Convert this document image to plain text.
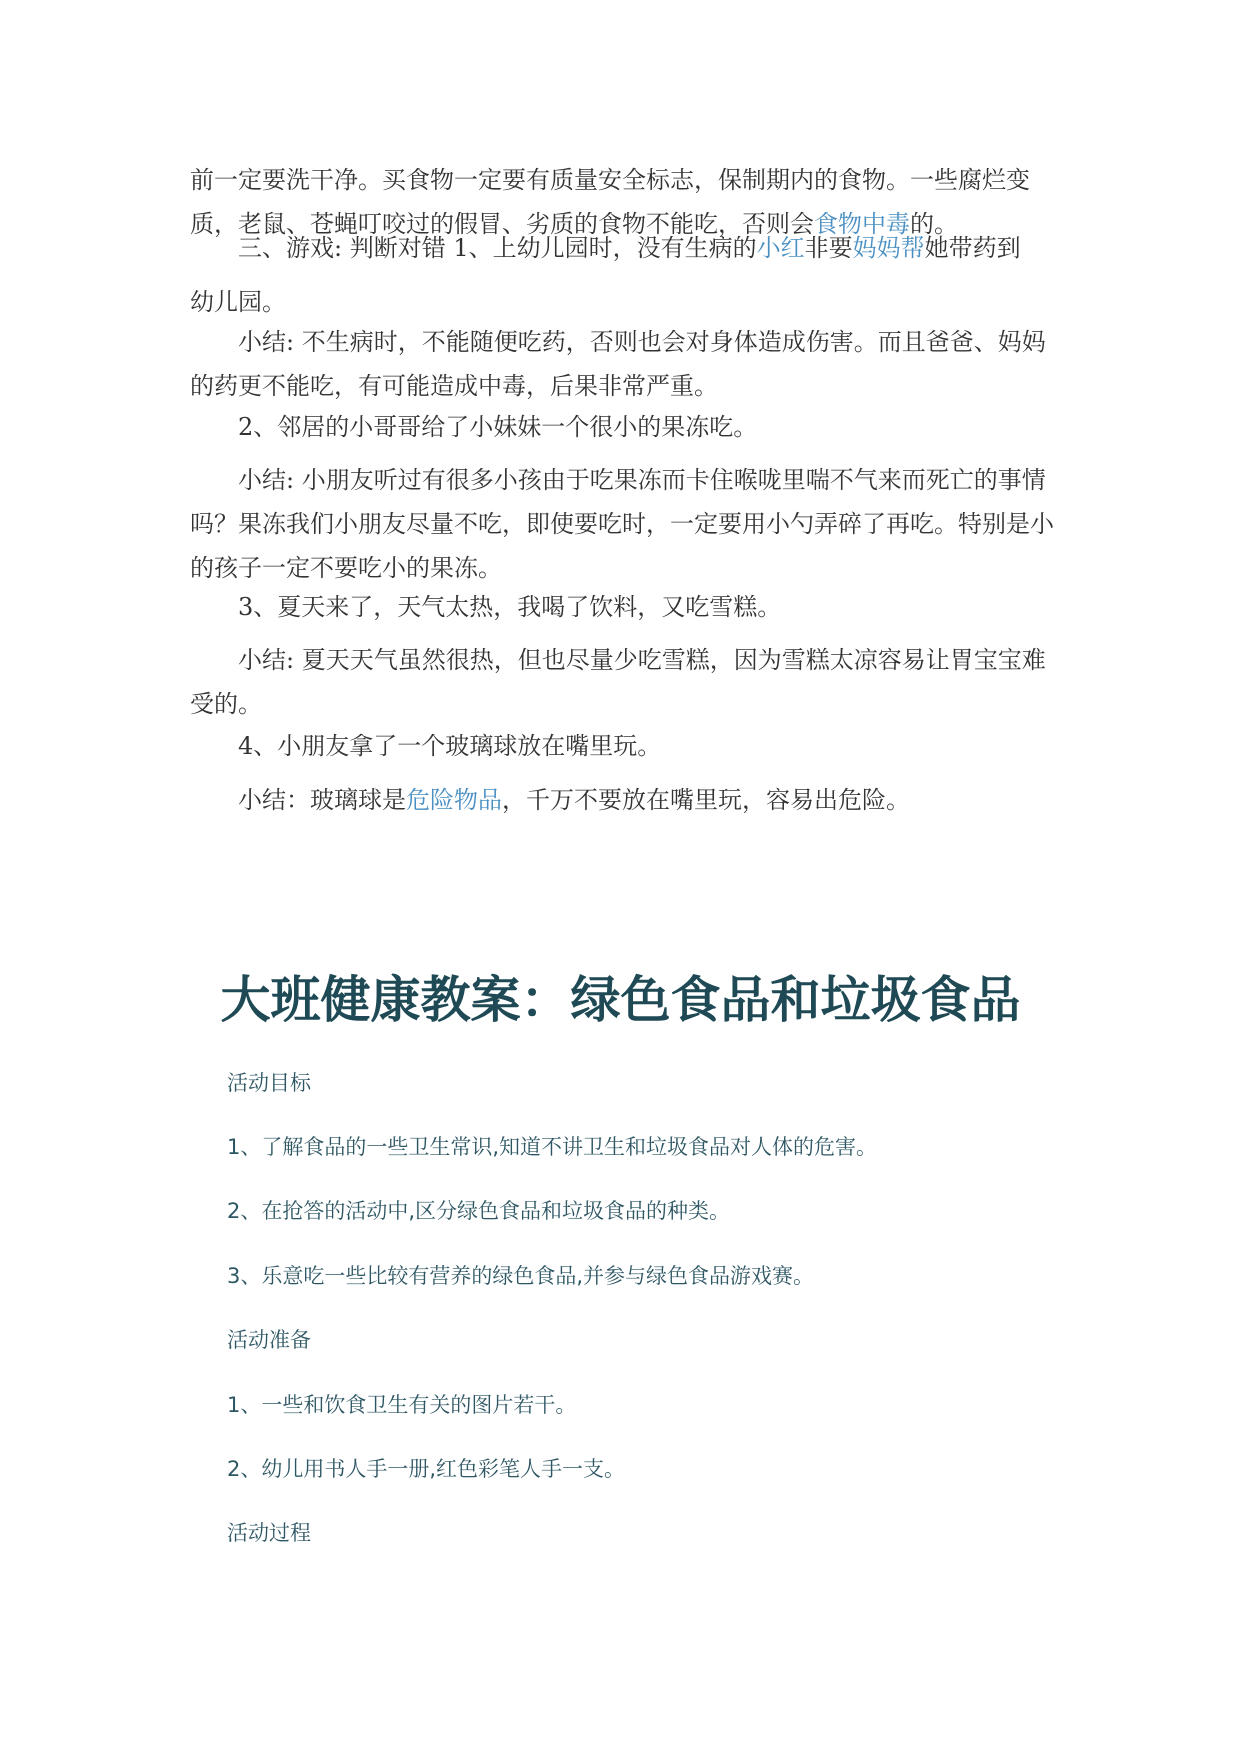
前一定要洗干净。买食物一定要有质量安全标志，保制期内的食物。一些腐烂变质，老鼠、苍蝇叮咬过的假冒、劣质的食物不能吃，否则会食物中毒的。

三、游戏: 判断对错 1、上幼儿园时，没有生病的小红非要妈妈帮她带药到

幼儿园。

小结: 不生病时，不能随便吃药，否则也会对身体造成伤害。而且爸爸、妈妈的药更不能吃，有可能造成中毒，后果非常严重。

2、邻居的小哥哥给了小妹妹一个很小的果冻吃。

小结: 小朋友听过有很多小孩由于吃果冻而卡住喉咙里喘不气来而死亡的事情吗？果冻我们小朋友尽量不吃，即使要吃时，一定要用小勺弄碎了再吃。特别是小的孩子一定不要吃小的果冻。

3、夏天来了，天气太热，我喝了饮料，又吃雪糕。

小结: 夏天天气虽然很热，但也尽量少吃雪糕，因为雪糕太凉容易让胃宝宝难受的。

4、小朋友拿了一个玻璃球放在嘴里玩。

小结：玻璃球是危险物品，千万不要放在嘴里玩，容易出危险。

大班健康教案：绿色食品和垃圾食品

活动目标

1、了解食品的一些卫生常识,知道不讲卫生和垃圾食品对人体的危害。

2、在抢答的活动中,区分绿色食品和垃圾食品的种类。

3、乐意吃一些比较有营养的绿色食品,并参与绿色食品游戏赛。

活动准备

1、一些和饮食卫生有关的图片若干。

2、幼儿用书人手一册,红色彩笔人手一支。

活动过程
